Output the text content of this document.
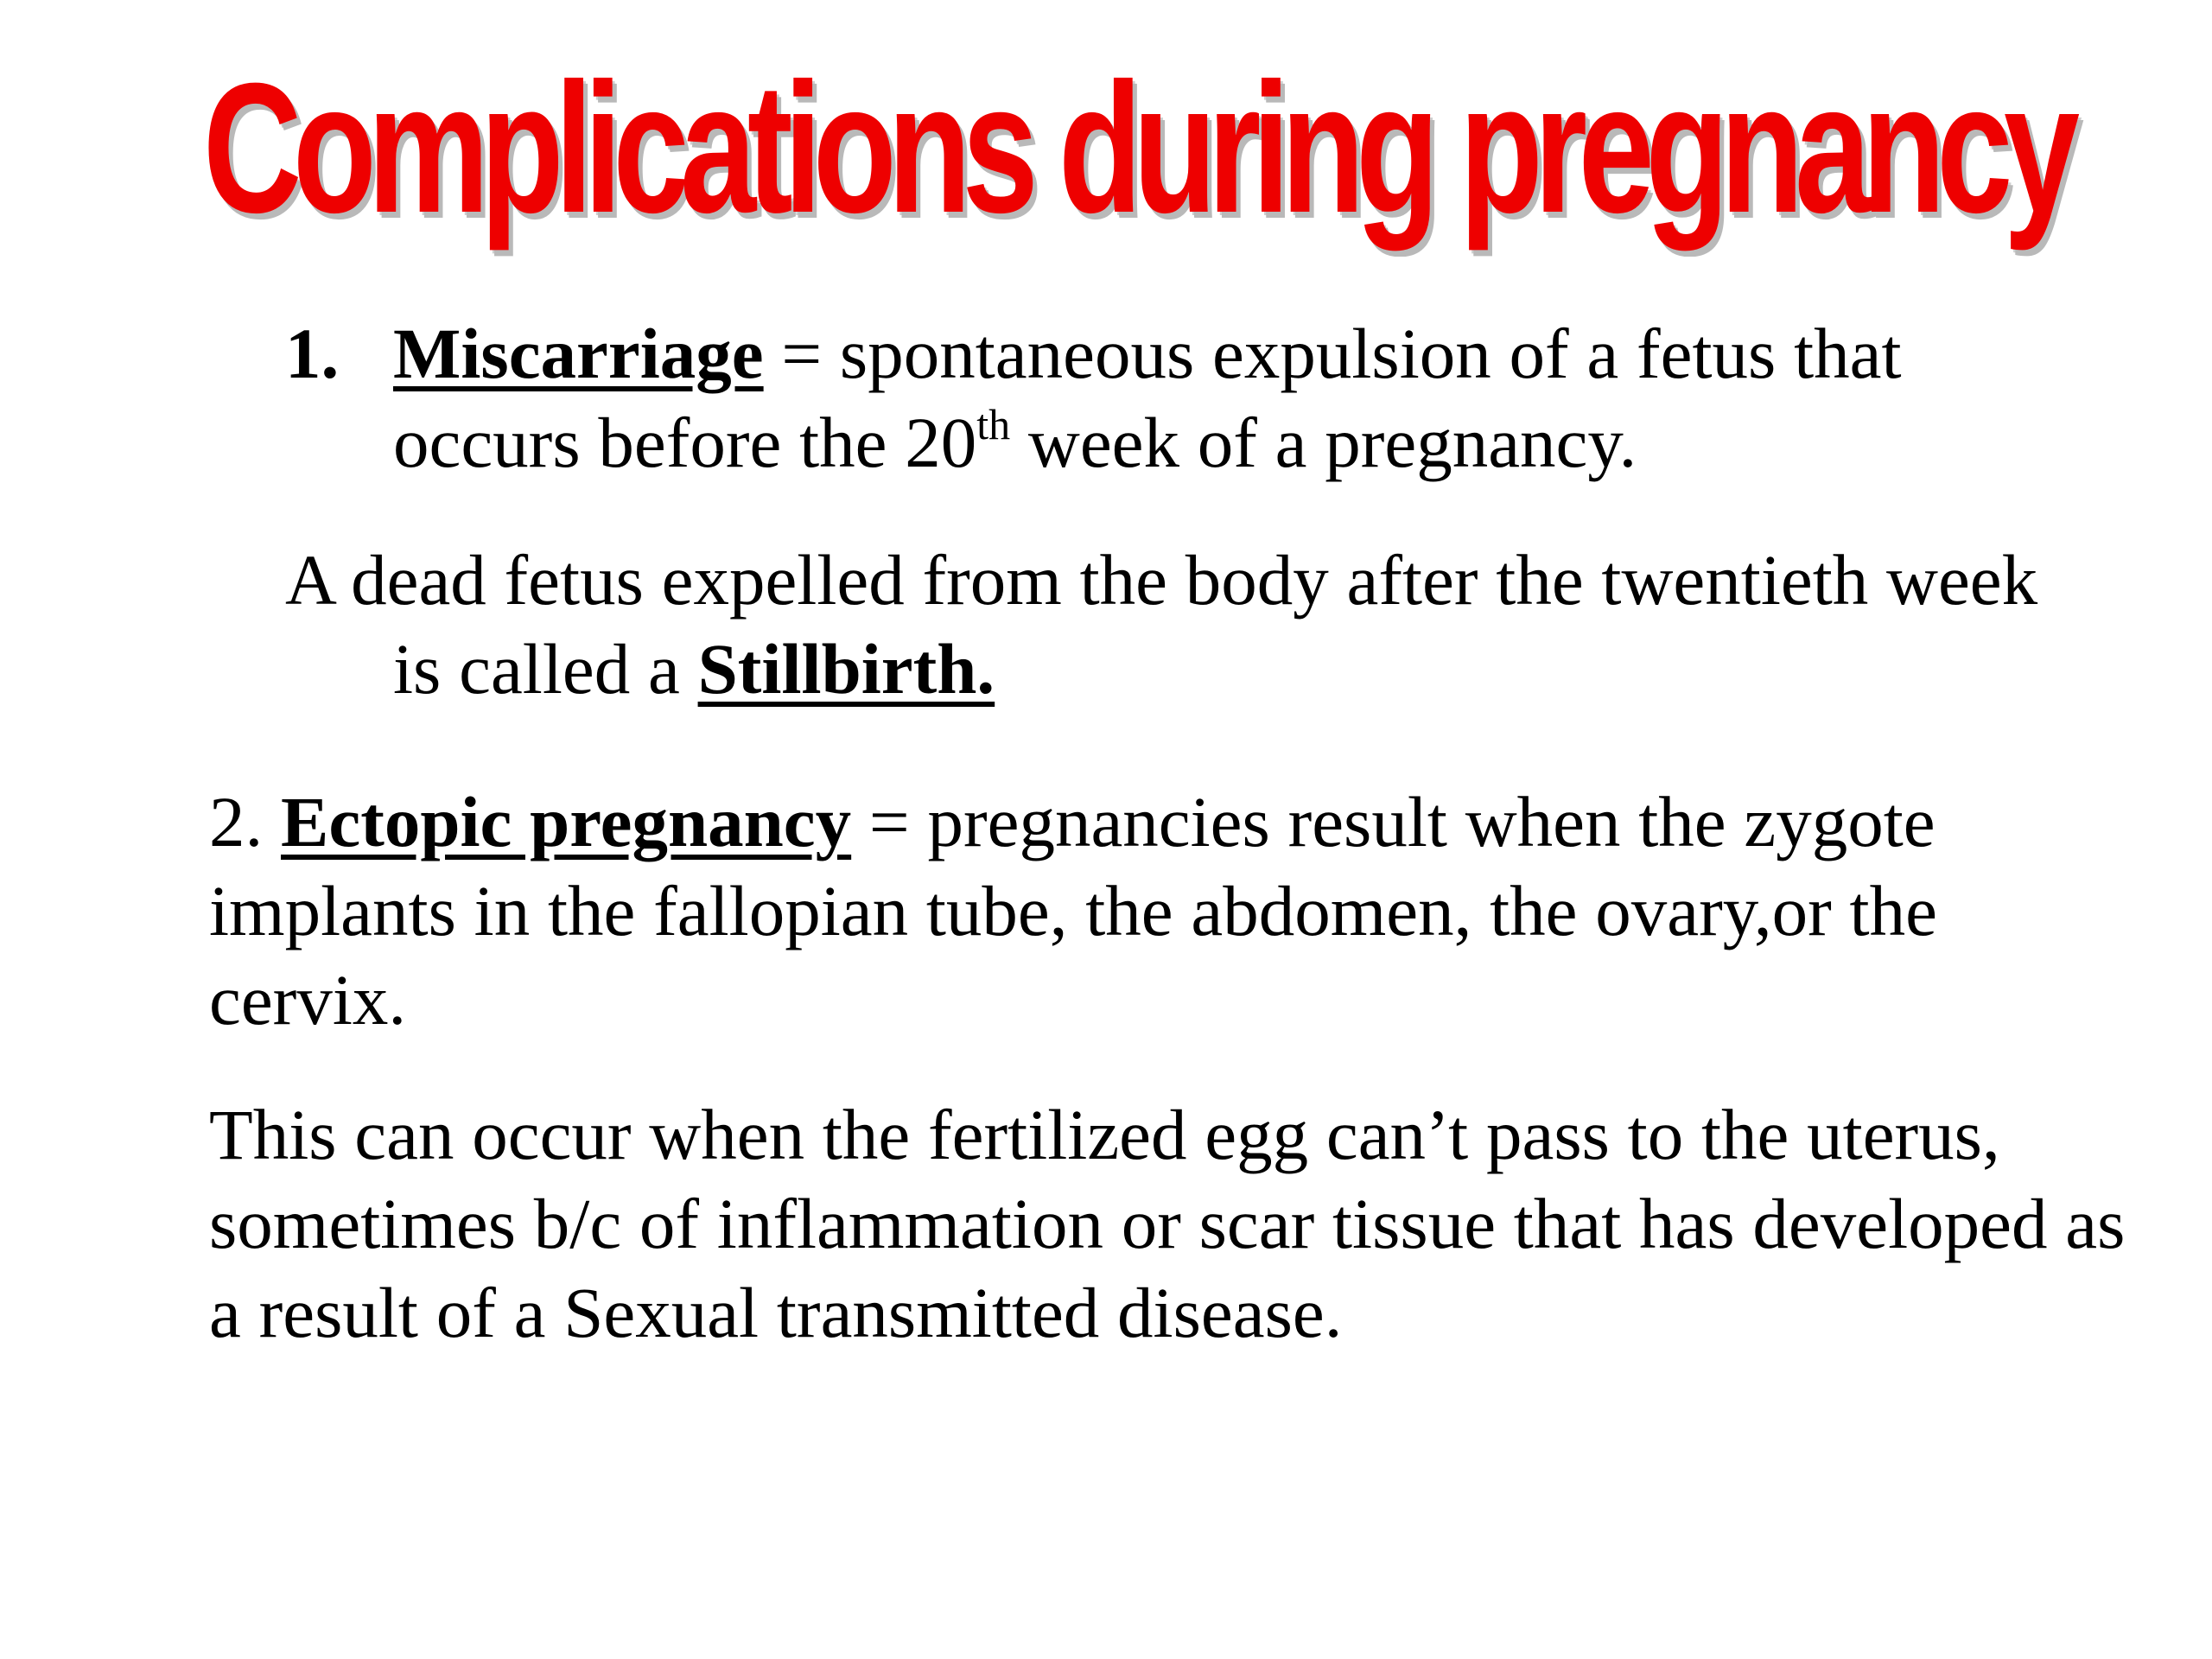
Complications during pregnancy
1. Miscarriage = spontaneous expulsion of a fetus that
occurs before the 20th week of a pregnancy.
A dead fetus expelled from the body after the twentieth week
is called a Stillbirth.
2. Ectopic pregnancy = pregnancies result when the zygote
implants in the fallopian tube, the abdomen, the ovary,or the
cervix.
This can occur when the fertilized egg can’t pass to the uterus,
sometimes b/c of inflammation or scar tissue that has developed as
a result of a Sexual transmitted disease.
